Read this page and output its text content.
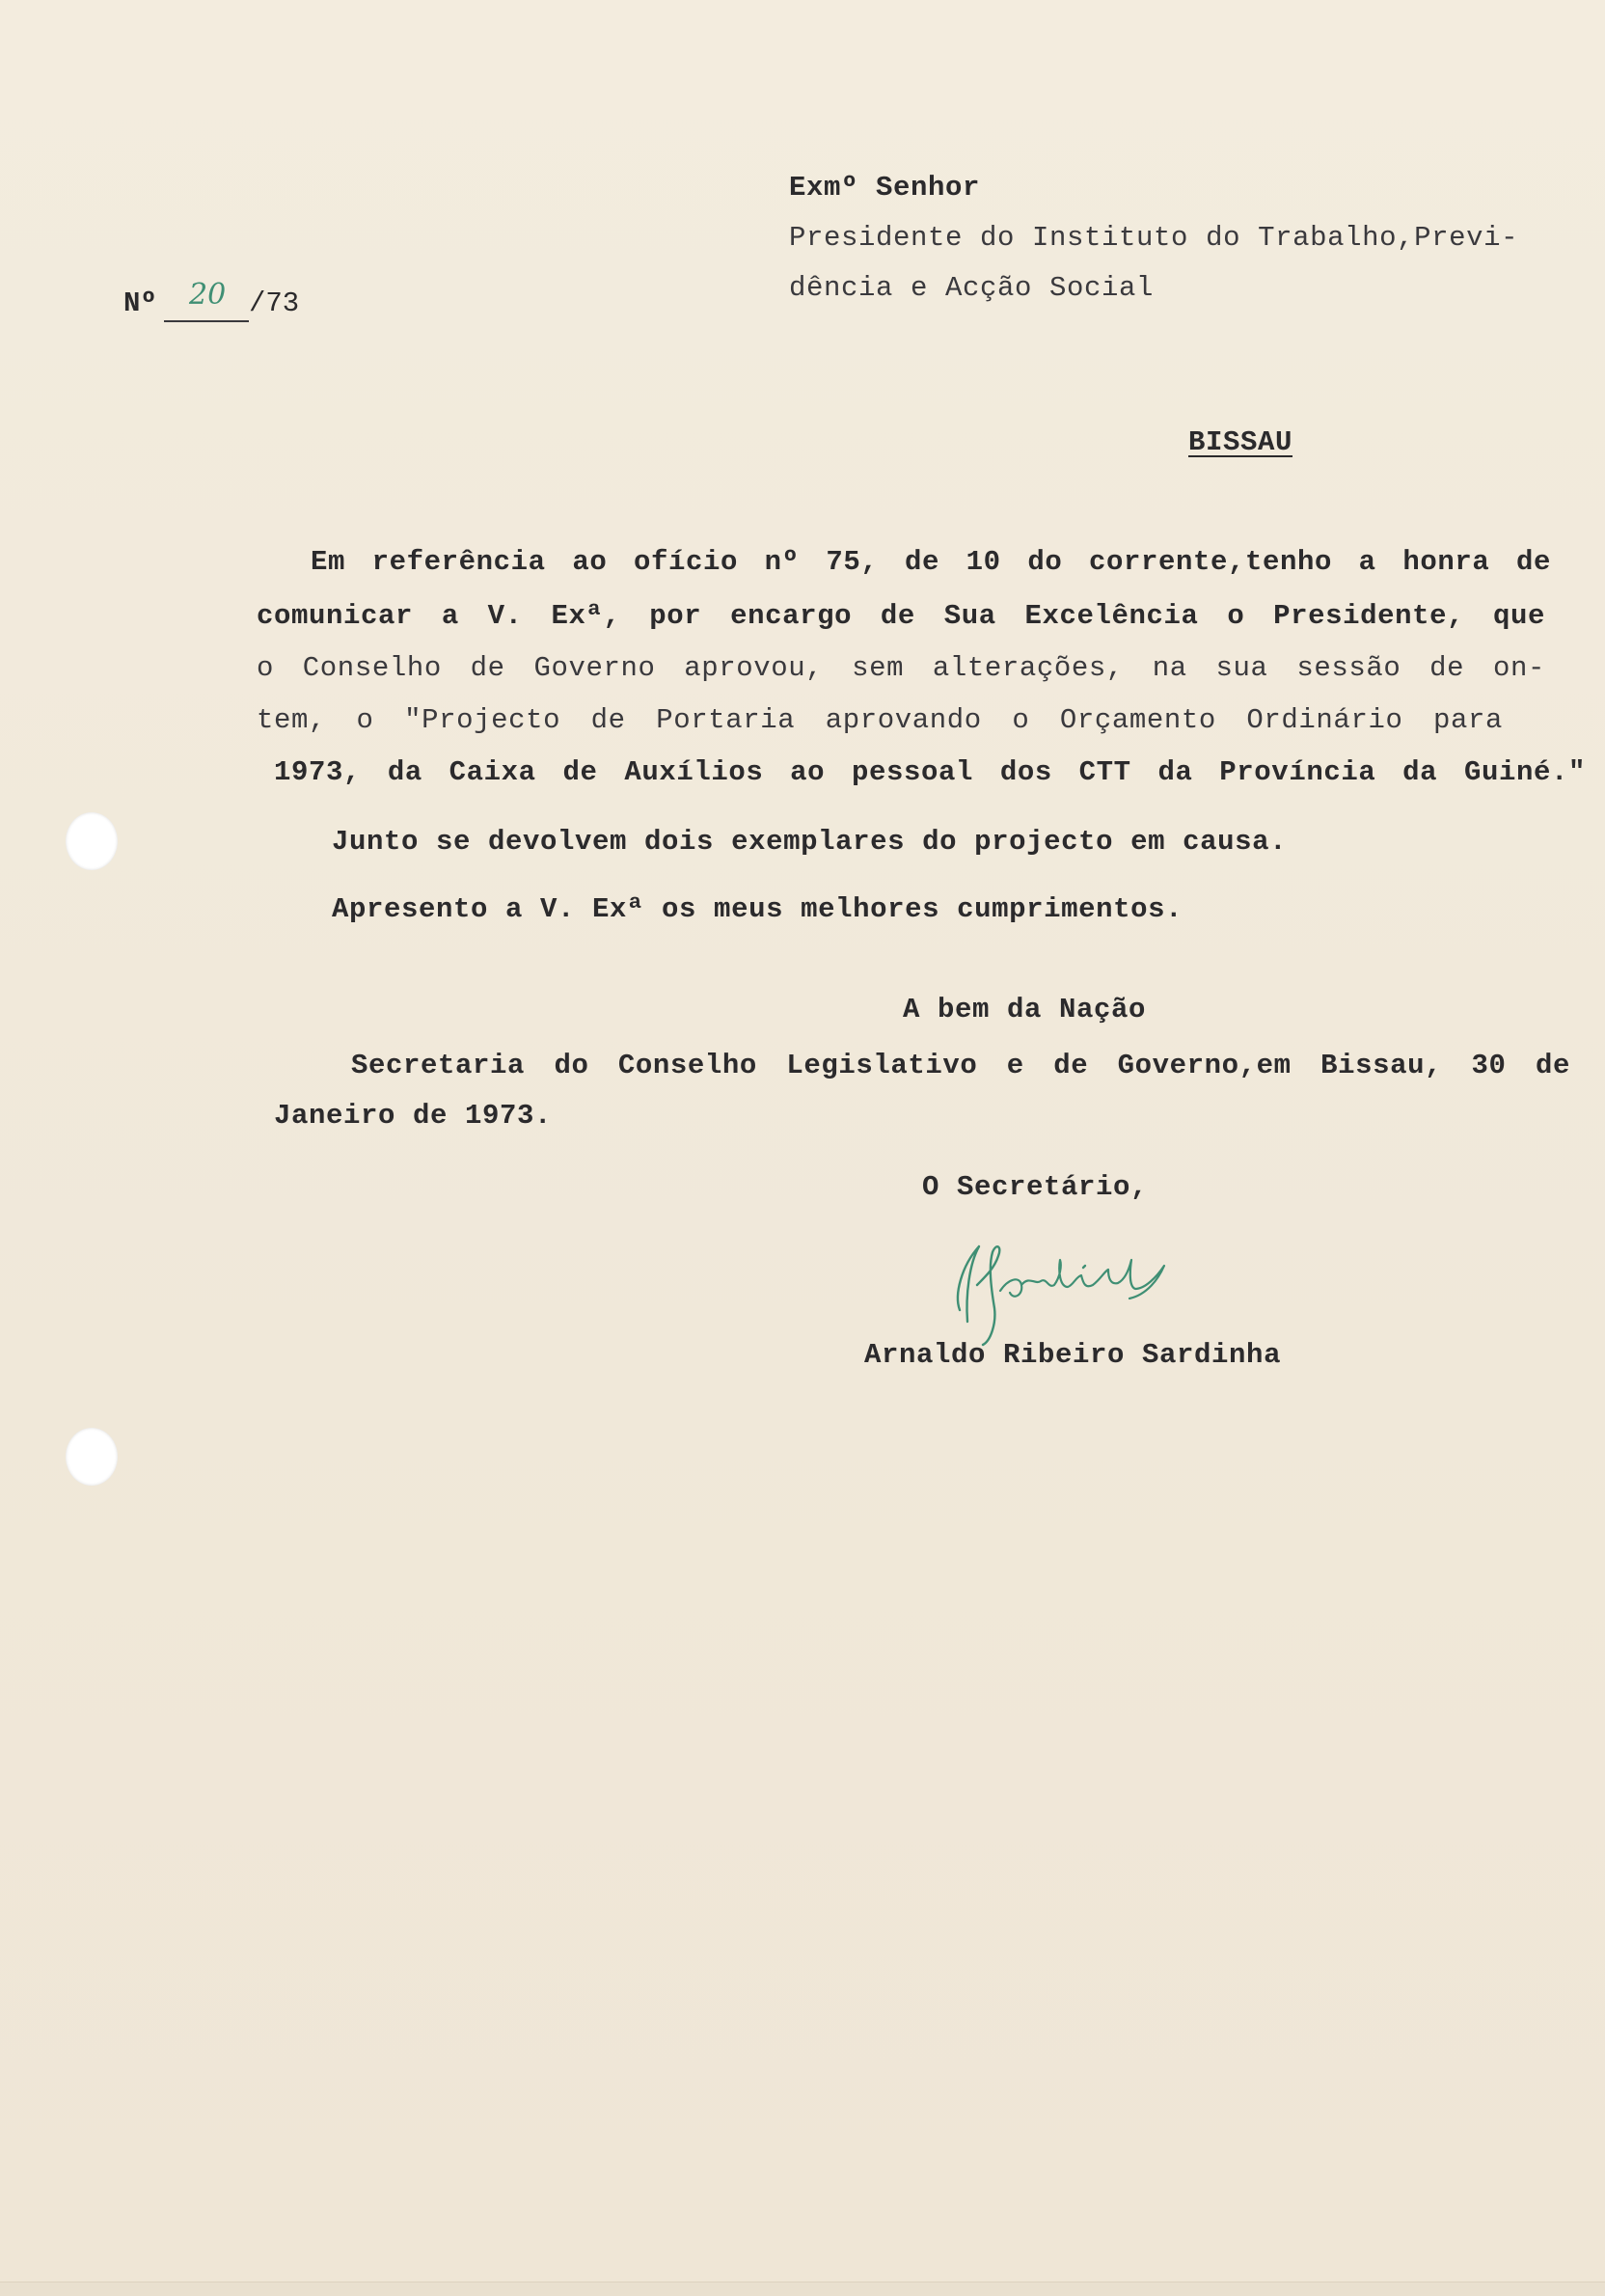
Exmº Senhor
Presidente do Instituto do Trabalho,Previ-
dência e Acção Social
Nº 20 /73
BISSAU
Em referência ao ofício nº 75, de 10 do corrente,tenho a honra de
comunicar a V. Exª, por encargo de Sua Excelência o Presidente, que
o Conselho de Governo aprovou, sem alterações, na sua sessão de on-
tem, o "Projecto de Portaria aprovando o Orçamento Ordinário para
1973, da Caixa de Auxílios ao pessoal dos CTT da Província da Guiné."
Junto se devolvem dois exemplares do projecto em causa.
Apresento a V. Exª os meus melhores cumprimentos.
A bem da Nação
Secretaria do Conselho Legislativo e de Governo,em Bissau, 30 de
Janeiro de 1973.
O Secretário,
Arnaldo Ribeiro Sardinha
